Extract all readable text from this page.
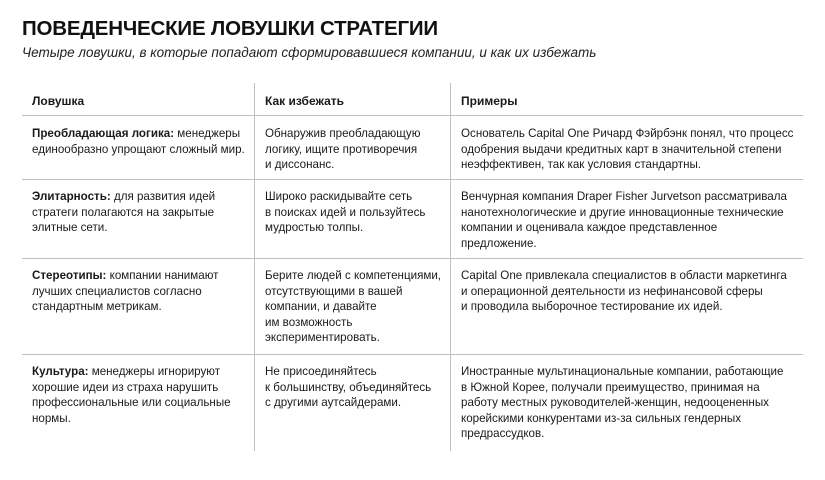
ПОВЕДЕНЧЕСКИЕ ЛОВУШКИ СТРАТЕГИИ

Четыре ловушки, в которые попадают сформировавшиеся компании, и как их избежать

Ловушка	Как избежать	Примеры
Преобладающая логика: менеджеры
единообразно упрощают сложный мир.
Обнаружив преобладающую
логику, ищите противоречия
и диссонанс.
Основатель Capital One Ричард Фэйрбэнк понял, что процесс
одобрения выдачи кредитных карт в значительной степени
неэффективен, так как условия стандартны.
Элитарность: для развития идей
стратеги полагаются на закрытые
элитные сети.
Широко раскидывайте сеть
в поисках идей и пользуйтесь
мудростью толпы.
Венчурная компания Draper Fisher Jurvetson рассматривала
нанотехнологические и другие инновационные технические
компании и оценивала каждое представленное
предложение.
Стереотипы: компании нанимают
лучших специалистов согласно
стандартным метрикам.
Берите людей с компетенциями,
отсутствующими в вашей
компании, и давайте
им возможность
экспериментировать.
Capital One привлекала специалистов в области маркетинга
и операционной деятельности из нефинансовой сферы
и проводила выборочное тестирование их идей.
Культура: менеджеры игнорируют
хорошие идеи из страха нарушить
профессиональные или социальные
нормы.
Не присоединяйтесь
к большинству, объединяйтесь
с другими аутсайдерами.
Иностранные мультинациональные компании, работающие
в Южной Корее, получали преимущество, принимая на
работу местных руководителей-женщин, недооцененных
корейскими конкурентами из-за сильных гендерных
предрассудков.
